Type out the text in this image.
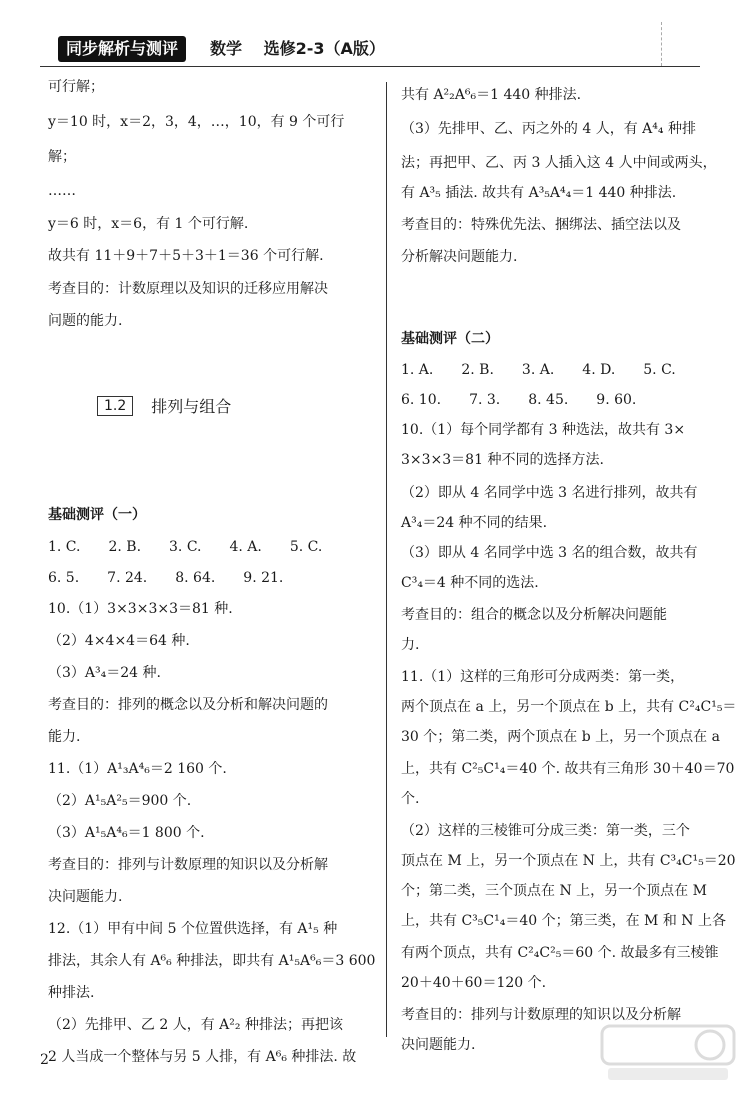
同步解析与测评	数学 选修2-3（A版）
可行解；
y＝10 时，x＝2，3，4，…，10，有 9 个可行
解；
……
y＝6 时，x＝6，有 1 个可行解.
故共有 11＋9＋7＋5＋3＋1＝36 个可行解.
考查目的：计数原理以及知识的迁移应用解决
问题的能力.
基础测评（一）
1. C.　　2. B.　　3. C.　　4. A.　　5. C.
6. 5.　　7. 24.　　8. 64.　　9. 21.
10.（1）3×3×3×3＝81 种.
（2）4×4×4＝64 种.
（3）A³₄＝24 种.
考查目的：排列的概念以及分析和解决问题的
能力.
11.（1）A¹₃A⁴₆＝2 160 个.
（2）A¹₅A²₅＝900 个.
（3）A¹₅A⁴₆＝1 800 个.
考查目的：排列与计数原理的知识以及分析解
决问题能力.
12.（1）甲有中间 5 个位置供选择，有 A¹₅ 种
排法，其余人有 A⁶₆ 种排法，即共有 A¹₅A⁶₆＝3 600
种排法.
（2）先排甲、乙 2 人，有 A²₂ 种排法；再把该
2 人当成一个整体与另 5 人排，有 A⁶₆ 种排法. 故
1.2	排列与组合
共有 A²₂A⁶₆＝1 440 种排法.
（3）先排甲、乙、丙之外的 4 人，有 A⁴₄ 种排
法；再把甲、乙、丙 3 人插入这 4 人中间或两头，
有 A³₅ 插法. 故共有 A³₅A⁴₄＝1 440 种排法.
考查目的：特殊优先法、捆绑法、插空法以及
分析解决问题能力.
基础测评（二）
1. A.　　2. B.　　3. A.　　4. D.　　5. C.
6. 10.　　7. 3.　　8. 45.　　9. 60.
10.（1）每个同学都有 3 种选法，故共有 3×
3×3×3＝81 种不同的选择方法.
（2）即从 4 名同学中选 3 名进行排列，故共有
A³₄＝24 种不同的结果.
（3）即从 4 名同学中选 3 名的组合数，故共有
C³₄＝4 种不同的选法.
考查目的：组合的概念以及分析解决问题能
力.
11.（1）这样的三角形可分成两类：第一类，
两个顶点在 a 上，另一个顶点在 b 上，共有 C²₄C¹₅＝
30 个；第二类，两个顶点在 b 上，另一个顶点在 a
上，共有 C²₅C¹₄＝40 个. 故共有三角形 30＋40＝70
个.
（2）这样的三棱锥可分成三类：第一类，三个
顶点在 M 上，另一个顶点在 N 上，共有 C³₄C¹₅＝20
个；第二类，三个顶点在 N 上，另一个顶点在 M
上，共有 C³₅C¹₄＝40 个；第三类，在 M 和 N 上各
有两个顶点，共有 C²₄C²₅＝60 个. 故最多有三棱锥
20＋40＋60＝120 个.
考查目的：排列与计数原理的知识以及分析解
决问题能力.
2
